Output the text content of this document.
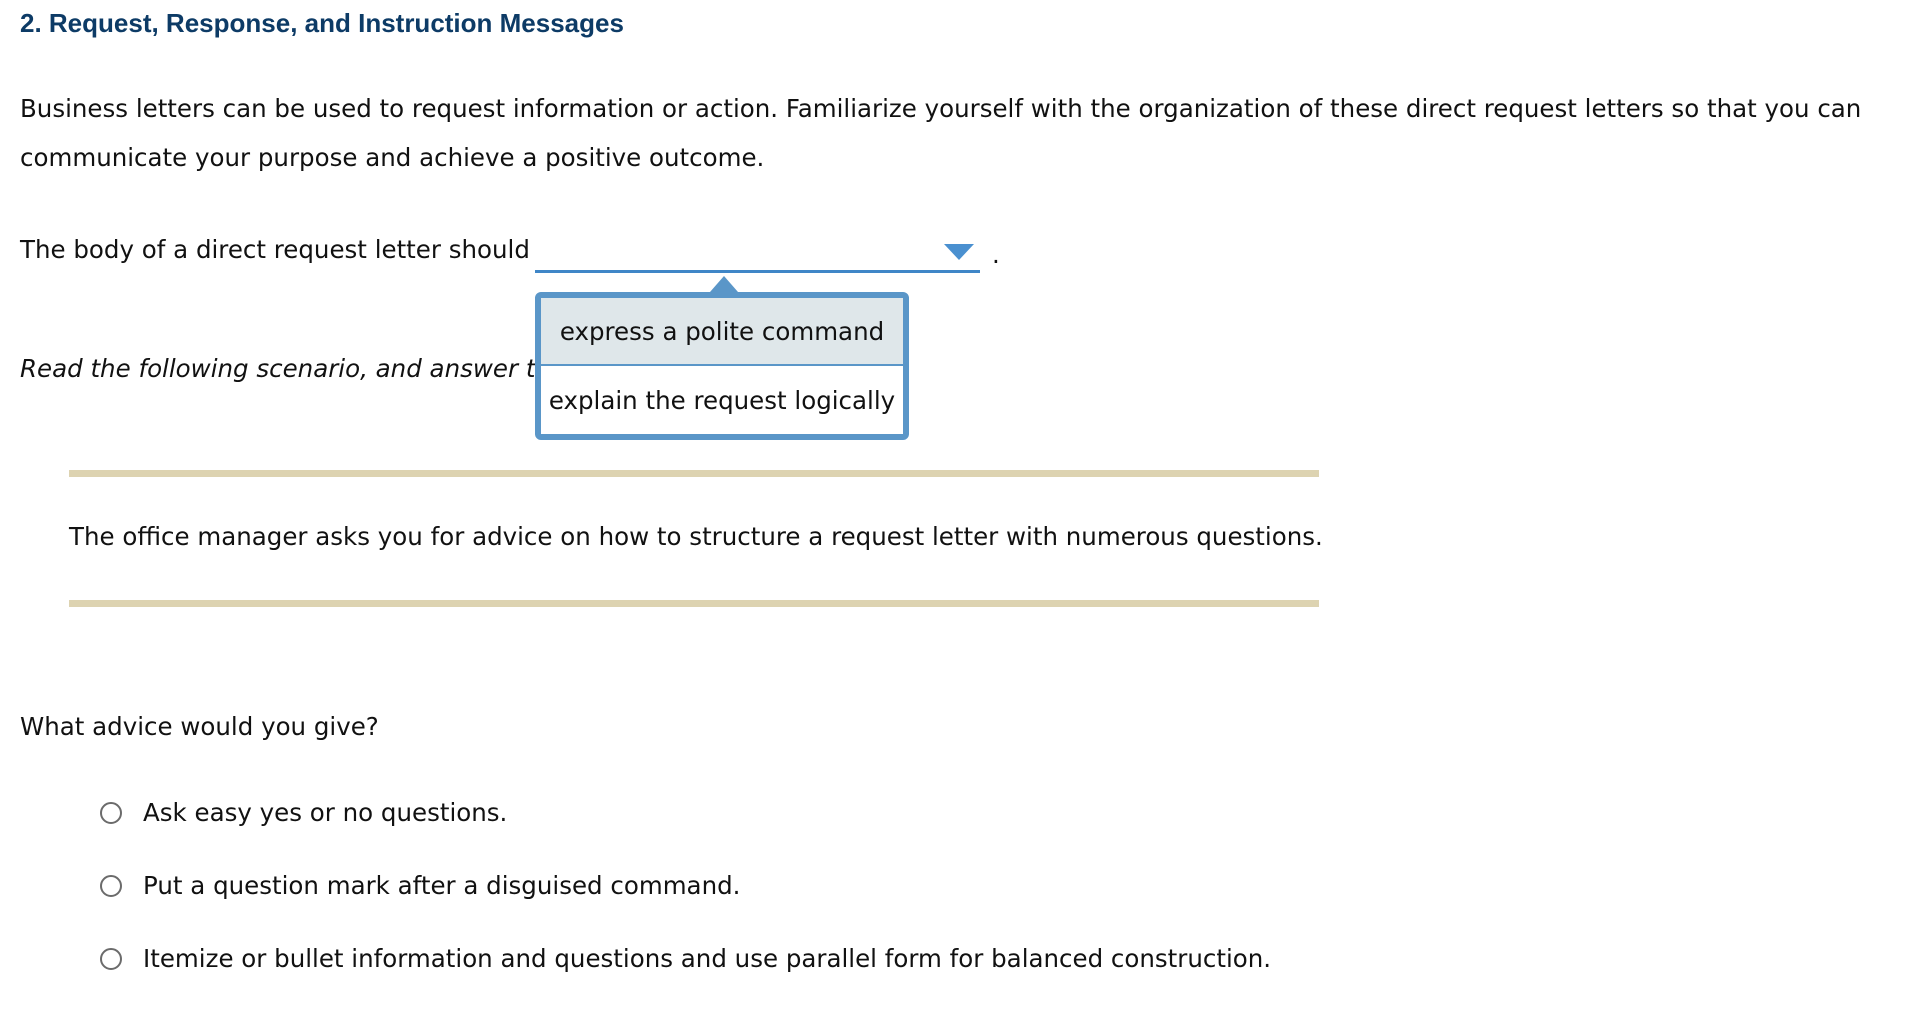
2. Request, Response, and Instruction Messages
Business letters can be used to request information or action. Familiarize yourself with the organization of these direct request letters so that you can communicate your purpose and achieve a positive outcome.
The body of a direct request letter should	.
Read the following scenario, and answer t
express a polite command
explain the request logically
The office manager asks you for advice on how to structure a request letter with numerous questions.
What advice would you give?
Ask easy yes or no questions.
Put a question mark after a disguised command.
Itemize or bullet information and questions and use parallel form for balanced construction.
